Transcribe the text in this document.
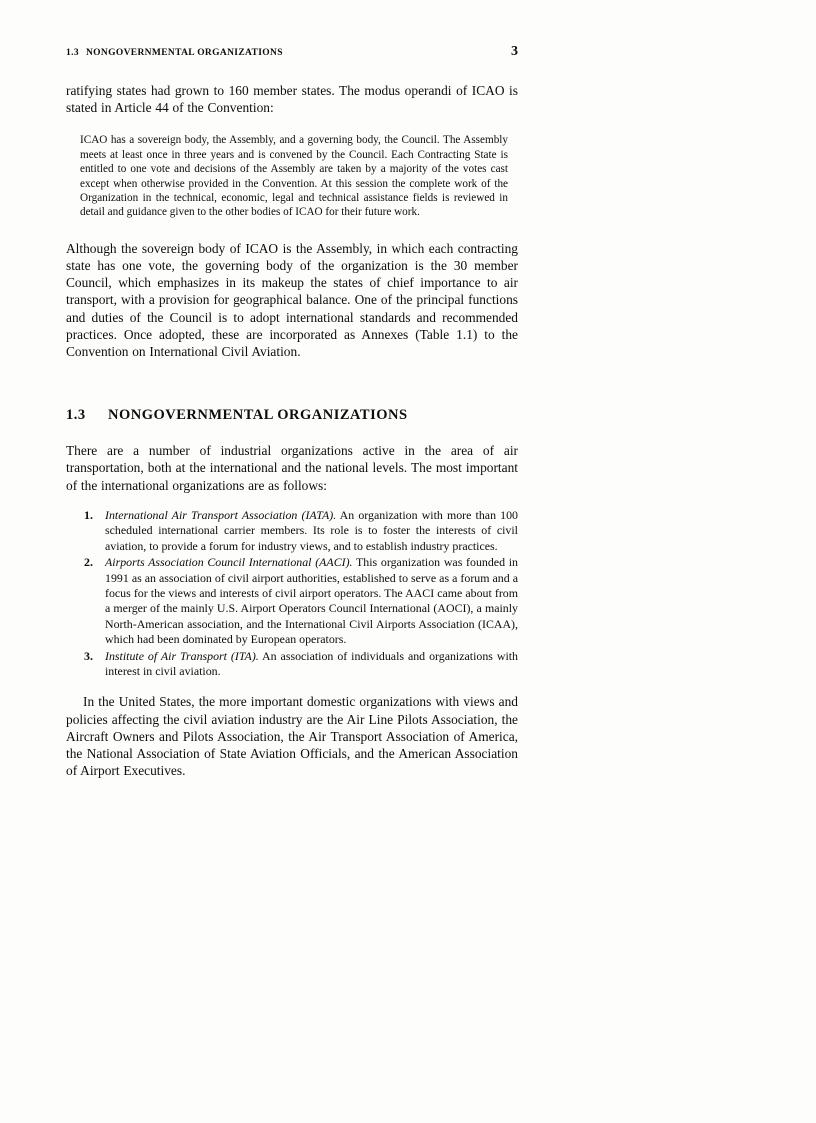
1.3 NONGOVERNMENTAL ORGANIZATIONS	3

ratifying states had grown to 160 member states. The modus operandi of ICAO is stated in Article 44 of the Convention:

ICAO has a sovereign body, the Assembly, and a governing body, the Council. The Assembly meets at least once in three years and is convened by the Council. Each Contracting State is entitled to one vote and decisions of the Assembly are taken by a majority of the votes cast except when otherwise provided in the Convention. At this session the complete work of the Organization in the technical, economic, legal and technical assistance fields is reviewed in detail and guidance given to the other bodies of ICAO for their future work.

Although the sovereign body of ICAO is the Assembly, in which each contracting state has one vote, the governing body of the organization is the 30 member Council, which emphasizes in its makeup the states of chief importance to air transport, with a provision for geographical balance. One of the principal functions and duties of the Council is to adopt international standards and recommended practices. Once adopted, these are incorporated as Annexes (Table 1.1) to the Convention on International Civil Aviation.

1.3	NONGOVERNMENTAL ORGANIZATIONS

There are a number of industrial organizations active in the area of air transportation, both at the international and the national levels. The most important of the international organizations are as follows:

1. International Air Transport Association (IATA). An organization with more than 100 scheduled international carrier members. Its role is to foster the interests of civil aviation, to provide a forum for industry views, and to establish industry practices.
2. Airports Association Council International (AACI). This organization was founded in 1991 as an association of civil airport authorities, established to serve as a forum and a focus for the views and interests of civil airport operators. The AACI came about from a merger of the mainly U.S. Airport Operators Council International (AOCI), a mainly North-American association, and the International Civil Airports Association (ICAA), which had been dominated by European operators.
3. Institute of Air Transport (ITA). An association of individuals and organizations with interest in civil aviation.

In the United States, the more important domestic organizations with views and policies affecting the civil aviation industry are the Air Line Pilots Association, the Aircraft Owners and Pilots Association, the Air Transport Association of America, the National Association of State Aviation Officials, and the American Association of Airport Executives.
